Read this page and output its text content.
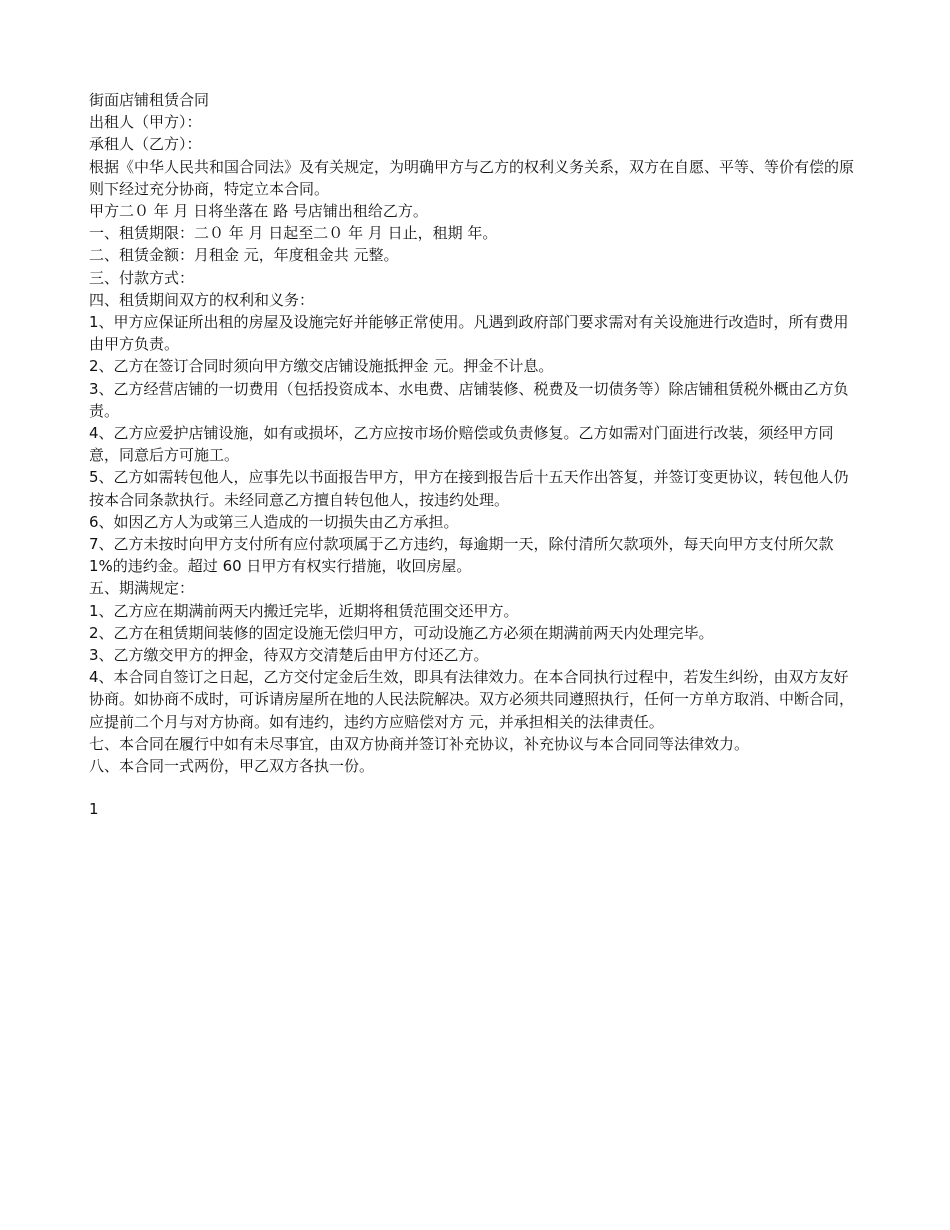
街面店铺租赁合同

出租人（甲方）：

承租人（乙方）：

根据《中华人民共和国合同法》及有关规定，为明确甲方与乙方的权利义务关系，双方在自愿、平等、等价有偿的原则下经过充分协商，特定立本合同。

甲方二０ 年 月 日将坐落在 路 号店铺出租给乙方。

一、租赁期限：二０ 年 月 日起至二０ 年 月 日止，租期 年。

二、租赁金额：月租金 元，年度租金共 元整。

三、付款方式：

四、租赁期间双方的权利和义务：

1、甲方应保证所出租的房屋及设施完好并能够正常使用。凡遇到政府部门要求需对有关设施进行改造时，所有费用由甲方负责。

2、乙方在签订合同时须向甲方缴交店铺设施抵押金 元。押金不计息。

3、乙方经营店铺的一切费用（包括投资成本、水电费、店铺装修、税费及一切债务等）除店铺租赁税外概由乙方负责。

4、乙方应爱护店铺设施，如有或损坏，乙方应按市场价赔偿或负责修复。乙方如需对门面进行改装，须经甲方同意，同意后方可施工。

5、乙方如需转包他人，应事先以书面报告甲方，甲方在接到报告后十五天作出答复，并签订变更协议，转包他人仍按本合同条款执行。未经同意乙方擅自转包他人，按违约处理。

6、如因乙方人为或第三人造成的一切损失由乙方承担。

7、乙方未按时向甲方支付所有应付款项属于乙方违约，每逾期一天，除付清所欠款项外，每天向甲方支付所欠款 1%的违约金。超过 60 日甲方有权实行措施，收回房屋。

五、期满规定：

1、乙方应在期满前两天内搬迁完毕，近期将租赁范围交还甲方。

2、乙方在租赁期间装修的固定设施无偿归甲方，可动设施乙方必须在期满前两天内处理完毕。

3、乙方缴交甲方的押金，待双方交清楚后由甲方付还乙方。

4、本合同自签订之日起，乙方交付定金后生效，即具有法律效力。在本合同执行过程中，若发生纠纷，由双方友好协商。如协商不成时，可诉请房屋所在地的人民法院解决。双方必须共同遵照执行，任何一方单方取消、中断合同，应提前二个月与对方协商。如有违约，违约方应赔偿对方 元，并承担相关的法律责任。

七、本合同在履行中如有未尽事宜，由双方协商并签订补充协议，补充协议与本合同同等法律效力。

八、本合同一式两份，甲乙双方各执一份。

1
